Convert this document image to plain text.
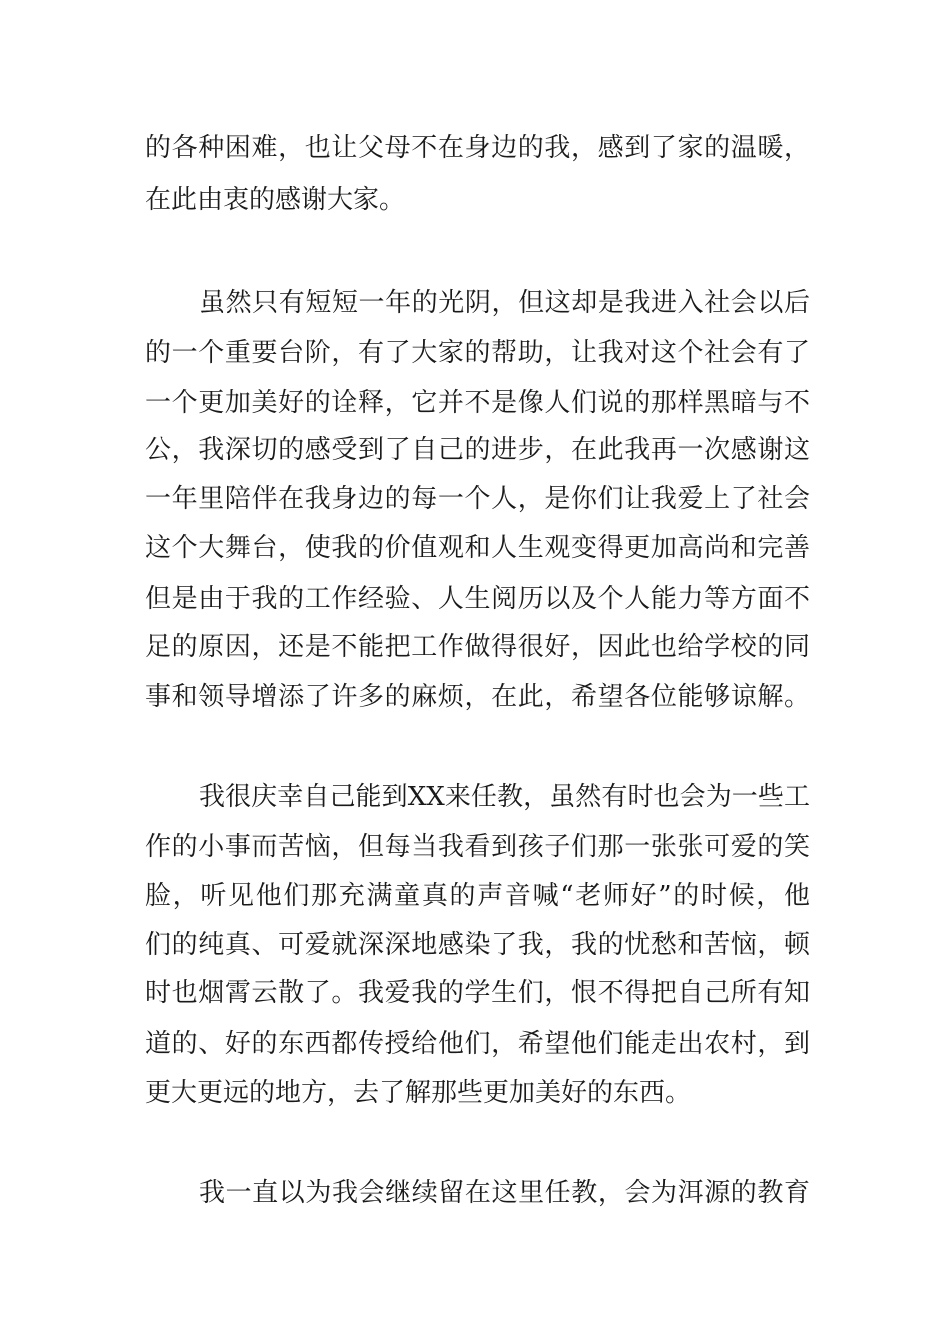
的各种困难，也让父母不在身边的我，感到了家的温暖，
在此由衷的感谢大家。
虽然只有短短一年的光阴，但这却是我进入社会以后
的一个重要台阶，有了大家的帮助，让我对这个社会有了
一个更加美好的诠释，它并不是像人们说的那样黑暗与不
公，我深切的感受到了自己的进步，在此我再一次感谢这
一年里陪伴在我身边的每一个人，是你们让我爱上了社会
这个大舞台，使我的价值观和人生观变得更加高尚和完善
但是由于我的工作经验、人生阅历以及个人能力等方面不
足的原因，还是不能把工作做得很好，因此也给学校的同
事和领导增添了许多的麻烦，在此，希望各位能够谅解。
我很庆幸自己能到XX来任教，虽然有时也会为一些工
作的小事而苦恼，但每当我看到孩子们那一张张可爱的笑
脸，听见他们那充满童真的声音喊“老师好”的时候，他
们的纯真、可爱就深深地感染了我，我的忧愁和苦恼，顿
时也烟霄云散了。我爱我的学生们，恨不得把自己所有知
道的、好的东西都传授给他们，希望他们能走出农村，到
更大更远的地方，去了解那些更加美好的东西。
我一直以为我会继续留在这里任教，会为洱源的教育
